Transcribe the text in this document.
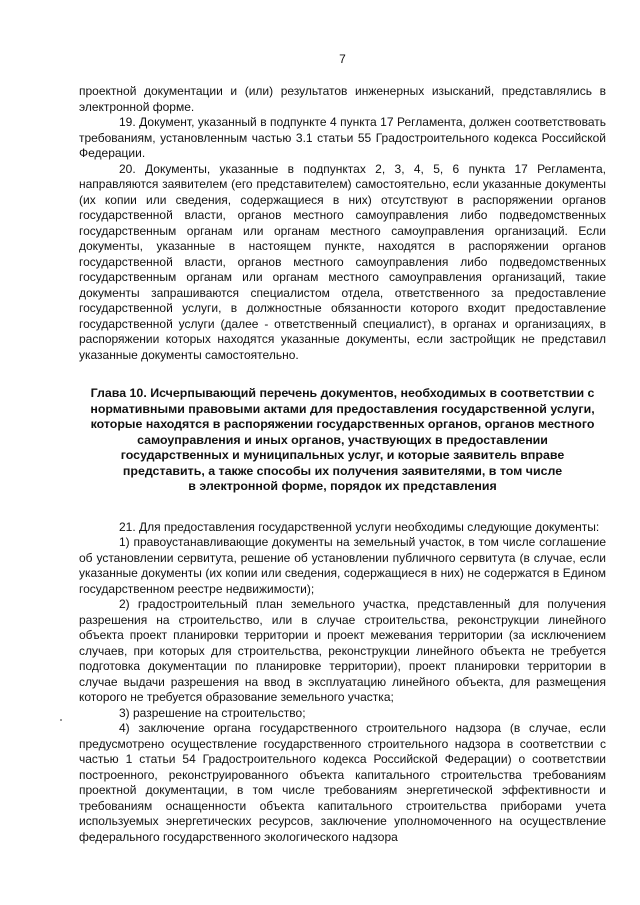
7

проектной документации и (или) результатов инженерных изысканий, представлялись в электронной форме.

19. Документ, указанный в подпункте 4 пункта 17 Регламента, должен соответствовать требованиям, установленным частью 3.1 статьи 55 Градостроительного кодекса Российской Федерации.

20. Документы, указанные в подпунктах 2, 3, 4, 5, 6 пункта 17 Регламента, направляются заявителем (его представителем) самостоятельно, если указанные документы (их копии или сведения, содержащиеся в них) отсутствуют в распоряжении органов государственной власти, органов местного самоуправления либо подведомственных государственным органам или органам местного самоуправления организаций. Если документы, указанные в настоящем пункте, находятся в распоряжении органов государственной власти, органов местного самоуправления либо подведомственных государственным органам или органам местного самоуправления организаций, такие документы запрашиваются специалистом отдела, ответственного за предоставление государственной услуги, в должностные обязанности которого входит предоставление государственной услуги (далее - ответственный специалист), в органах и организациях, в распоряжении которых находятся указанные документы, если застройщик не представил указанные документы самостоятельно.

Глава 10. Исчерпывающий перечень документов, необходимых в соответствии с
нормативными правовыми актами для предоставления государственной услуги,
которые находятся в распоряжении государственных органов, органов местного
самоуправления и иных органов, участвующих в предоставлении
государственных и муниципальных услуг, и которые заявитель вправе
представить, а также способы их получения заявителями, в том числе
в электронной форме, порядок их представления

21. Для предоставления государственной услуги необходимы следующие документы:

1) правоустанавливающие документы на земельный участок, в том числе соглашение об установлении сервитута, решение об установлении публичного сервитута (в случае, если указанные документы (их копии или сведения, содержащиеся в них) не содержатся в Едином государственном реестре недвижимости);

2) градостроительный план земельного участка, представленный для получения разрешения на строительство, или в случае строительства, реконструкции линейного объекта проект планировки территории и проект межевания территории (за исключением случаев, при которых для строительства, реконструкции линейного объекта не требуется подготовка документации по планировке территории), проект планировки территории в случае выдачи разрешения на ввод в эксплуатацию линейного объекта, для размещения которого не требуется образование земельного участка;

3) разрешение на строительство;

4) заключение органа государственного строительного надзора (в случае, если предусмотрено осуществление государственного строительного надзора в соответствии с частью 1 статьи 54 Градостроительного кодекса Российской Федерации) о соответствии построенного, реконструированного объекта капитального строительства требованиям проектной документации, в том числе требованиям энергетической эффективности и требованиям оснащенности объекта капитального строительства приборами учета используемых энергетических ресурсов, заключение уполномоченного на осуществление федерального государственного экологического надзора
